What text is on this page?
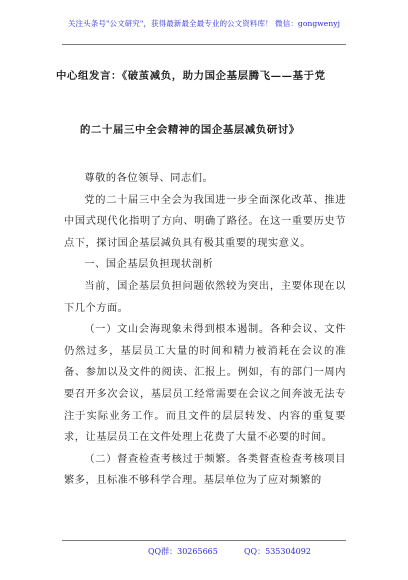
关注头条号"公文研究"，获得最新最全最专业的公文资料库！ 微信：gongwenyj
中心组发言：《破茧减负，助力国企基层腾飞——基于党
的二十届三中全会精神的国企基层减负研讨》

尊敬的各位领导、同志们。

党的二十届三中全会为我国进一步全面深化改革、推进中国式现代化指明了方向、明确了路径。在这一重要历史节点下，探讨国企基层减负具有极其重要的现实意义。

一、国企基层负担现状剖析

当前，国企基层负担问题依然较为突出，主要体现在以下几个方面。

（一）文山会海现象未得到根本遏制。各种会议、文件仍然过多，基层员工大量的时间和精力被消耗在会议的准备、参加以及文件的阅读、汇报上。例如，有的部门一周内要召开多次会议，基层员工经常需要在会议之间奔波无法专注于实际业务工作。而且文件的层层转发、内容的重复要求，让基层员工在文件处理上花费了大量不必要的时间。

（二）督查检查考核过于频繁。各类督查检查考核项目繁多，且标准不够科学合理。基层单位为了应对频繁的

QQ群：30265665	QQ：535304092
